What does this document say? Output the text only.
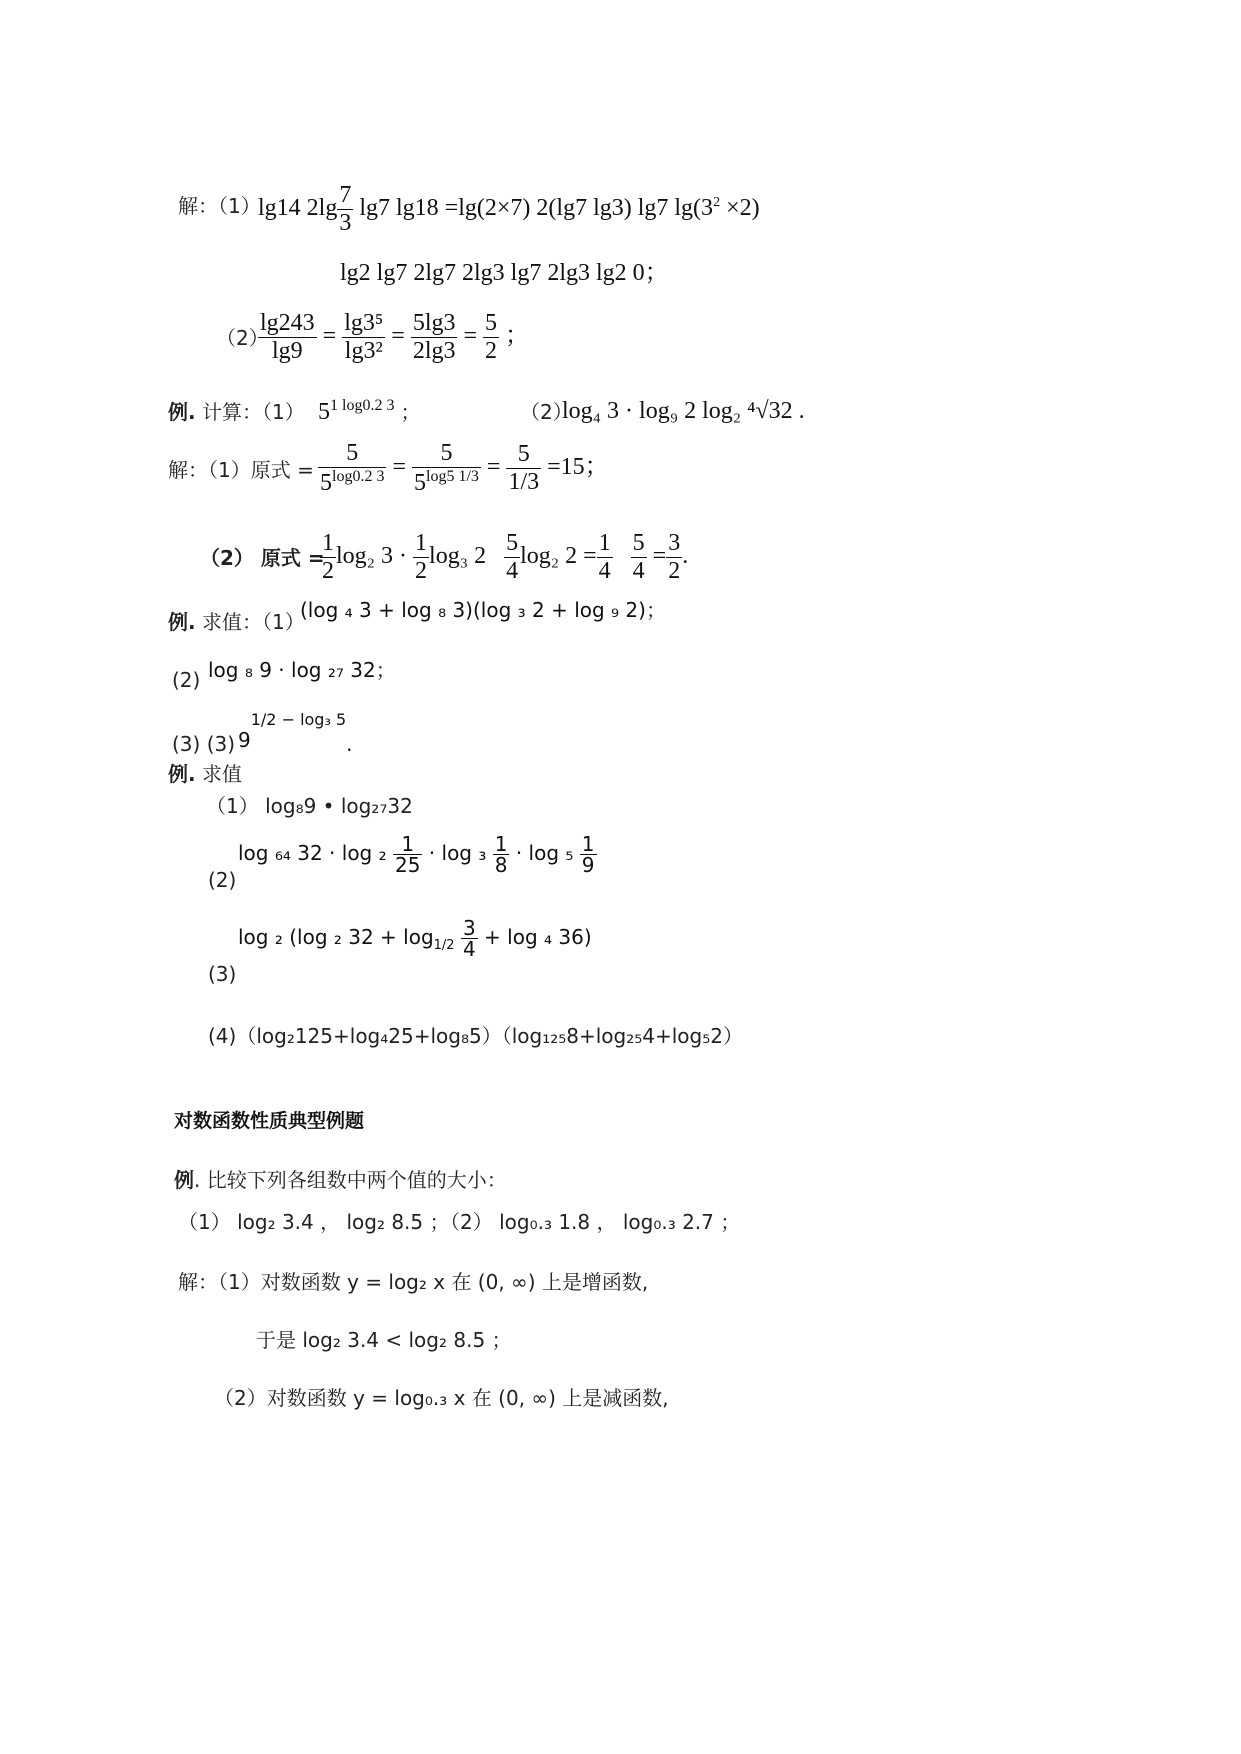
解：（1）
lg14 $2\lg \frac{7}{3} \lg 7$ lg18 =lg(2×7) 2(lg7 lg3) lg7 $\lg(3^2 \times 2)$
lg2 lg7 2lg7 2lg3 lg7 2lg3 lg2 0；
（2）
$\frac{\lg 243}{\lg 9} = \frac{\text{lg3⁵}}{\text{lg3²}} = \frac{5\lg 3}{2\lg 3} = \frac{5}{2}$ ；
例. 计算：（1） $5^{1 log0.2 3}$ ；	（2）
log₄ 3 · log₉ 2 log₂ ⁴√32 .
解：（1）原式 = $\frac{5}{5^{log0.2 3}} = \frac{5}{5^{log5 1/3}} = \frac{5}{1/3} =15$；
（2） 原式 =
$\frac{1}{2} \log_2$ $3 \cdot \frac{1}{2} \log_3$ $2 \frac{5}{4} \log_2$ $2 = \frac{1}{4}$
$\frac{5}{4} = \frac{3}{2}$ .
例. 求值：（1）
(log ₄ 3 + log ₈ 3)(log ₃ 2 + log ₉ 2)；
(2) log ₈ 9 · log ₂₇ 32；
(3) (3) $9^{1/2 - log_3 5}$.
例. 求值
（1） log₈9 • log₂₇32
(2)
log ₆₄ $32 \cdot \log _2 \frac{1}{25} \cdot \log _3 \frac{1}{8} \cdot \log _5 \frac{1}{9}$
(3)
log ₂ (log ₂ $32 + \log_{1/2} \frac{3}{4} + \log _4$ 36)
(4)（log₂125+log₄25+log₈5）（log₁₂₅8+log₂₅4+log₅2）
对数函数性质典型例题
例. 比较下列各组数中两个值的大小：
（1） log₂ 3.4 ， log₂ 8.5 ；
（2） log₀.₃ 1.8 ， log₀.₃ 2.7 ；
解：（1）对数函数 y = log₂ x 在 (0, ∞) 上是增函数,
于是 log₂ 3.4 < log₂ 8.5 ；
（2）对数函数 y = log₀.₃ x 在 (0, ∞) 上是减函数,
